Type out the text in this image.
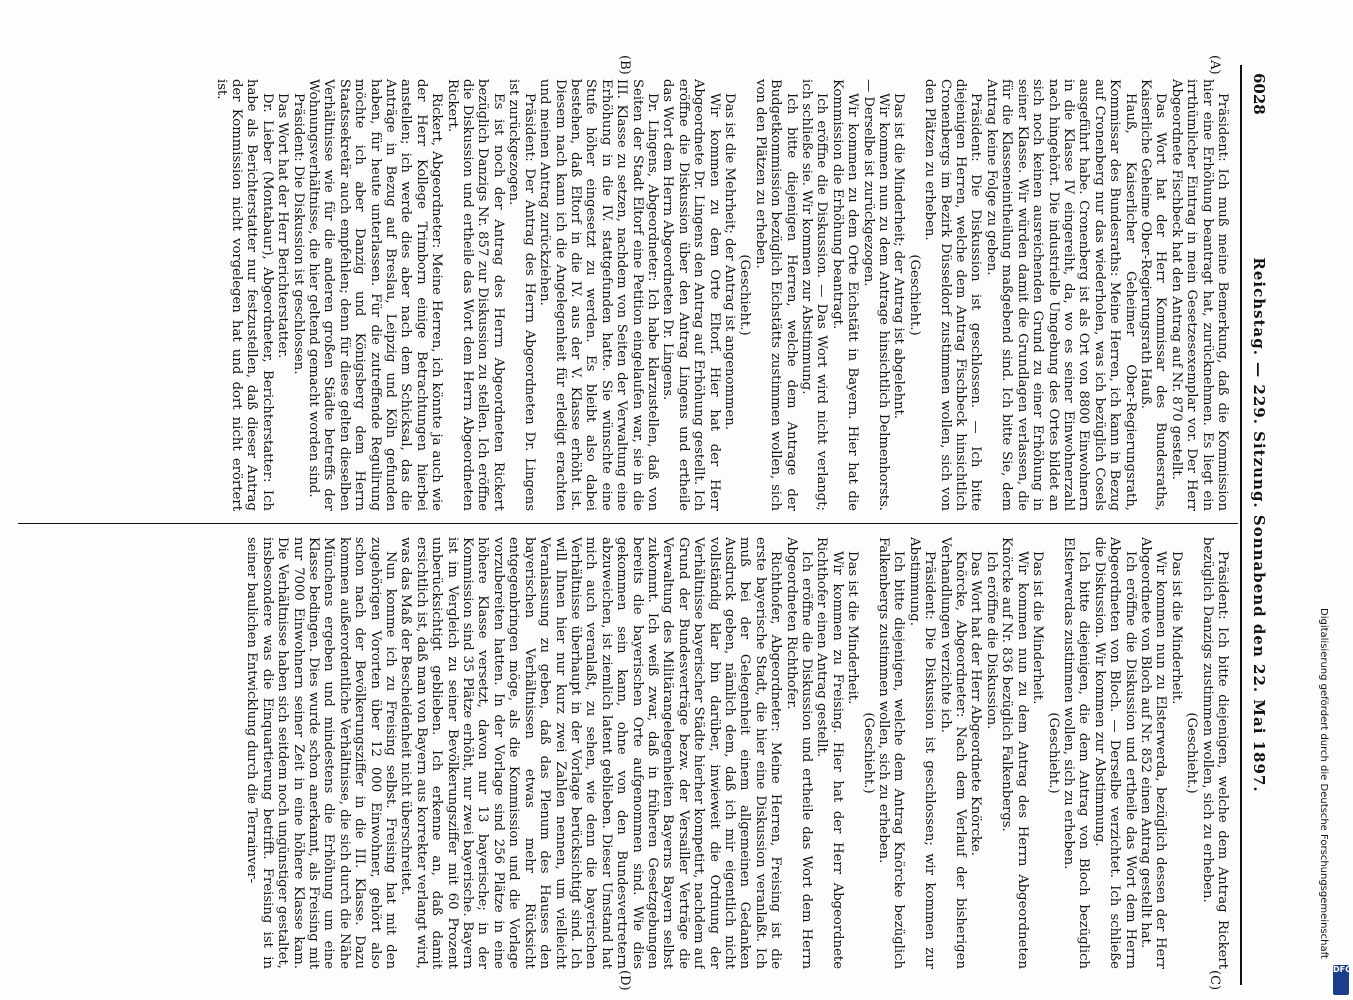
6028
Reichstag. — 229. Sitzung. Sonnabend den 22. Mai 1897.
(A)
(B)
(C)
(D)

Präsident: Ich muß meine Bemerkung, daß die Kommission hier eine Erhöhung beantragt hat, zurücknehmen. Es liegt ein irrthümlicher Eintrag in mein Gesetzesexemplar vor. Der Herr Abgeordnete Fischbeck hat den Antrag auf Nr. 870 gestellt.

Das Wort hat der Herr Kommissar des Bundesraths, Kaiserliche Geheime Ober-Regierungsrath Hauß.

Hauß, Kaiserlicher Geheimer Ober-Regierungsrath, Kommissar des Bundesraths: Meine Herren, ich kann in Bezug auf Cronenberg nur das wiederholen, was ich bezüglich Cosels ausgeführt habe. Cronenberg ist als Ort von 8800 Einwohnern in die Klasse IV eingereiht, da, wo es seiner Einwohnerzahl nach hingehört. Die industrielle Umgebung des Ortes bildet an sich noch keinen ausreichenden Grund zu einer Erhöhung in seiner Klasse. Wir würden damit die Grundlagen verlassen, die für die Klasseneintheilung maßgebend sind. Ich bitte Sie, dem Antrag keine Folge zu geben.

Präsident: Die Diskussion ist geschlossen. — Ich bitte diejenigen Herren, welche dem Antrag Fischbeck hinsichtlich Cronenbergs im Bezirk Düsseldorf zustimmen wollen, sich von den Plätzen zu erheben.

(Geschieht.)

Das ist die Minderheit; der Antrag ist abgelehnt.

Wir kommen nun zu dem Antrage hinsichtlich Delmenhorsts. — Derselbe ist zurückgezogen.

Wir kommen zu dem Orte Eichstätt in Bayern. Hier hat die Kommission die Erhöhung beantragt.

Ich eröffne die Diskussion. — Das Wort wird nicht verlangt; ich schließe sie. Wir kommen zur Abstimmung.

Ich bitte diejenigen Herren, welche dem Antrage der Budgetkommission bezüglich Eichstätts zustimmen wollen, sich von den Plätzen zu erheben.

(Geschieht.)

Das ist die Mehrheit; der Antrag ist angenommen.

Wir kommen zu dem Orte Eltorf. Hier hat der Herr Abgeordnete Dr. Lingens den Antrag auf Erhöhung gestellt. Ich eröffne die Diskussion über den Antrag Lingens und ertheile das Wort dem Herrn Abgeordneten Dr. Lingens.

Dr. Lingens, Abgeordneter: Ich habe klarzustellen, daß von Seiten der Stadt Eltorf eine Petition eingelaufen war, sie in die III. Klasse zu setzen, nachdem von Seiten der Verwaltung eine Erhöhung in die IV. stattgefunden hatte. Sie wünschte eine Stufe höher eingesetzt zu werden. Es bleibt also dabei bestehen, daß Eltorf in die IV. aus der V. Klasse erhöht ist. Diesem nach kann ich die Angelegenheit für erledigt erachten und meinen Antrag zurückziehen.

Präsident: Der Antrag des Herrn Abgeordneten Dr. Lingens ist zurückgezogen.

Es ist noch der Antrag des Herrn Abgeordneten Rickert bezüglich Danzigs Nr. 857 zur Diskussion zu stellen. Ich eröffne die Diskussion und ertheile das Wort dem Herrn Abgeordneten Rickert.

Rickert, Abgeordneter: Meine Herren, ich könnte ja auch wie der Herr Kollege Trimborn einige Betrachtungen hierbei anstellen; ich werde dies aber nach dem Schicksal, das die Anträge in Bezug auf Breslau, Leipzig und Köln gefunden haben, für heute unterlassen. Für die zutreffende Regulirung möchte ich aber Danzig und Königsberg dem Herrn Staatssekretär auch empfehlen; denn für diese gelten dieselben Verhältnisse wie für die anderen großen Städte betreffs der Wohnungsverhältnisse, die hier geltend gemacht worden sind.

Präsident: Die Diskussion ist geschlossen.

Das Wort hat der Herr Berichterstatter.

Dr. Lieber (Montabaur), Abgeordneter, Berichterstatter: Ich habe als Berichterstatter nur festzustellen, daß dieser Antrag der Kommission nicht vorgelegen hat und dort nicht erörtert ist.

Präsident: Ich bitte diejenigen, welche dem Antrag Rickert bezüglich Danzigs zustimmen wollen, sich zu erheben.

(Geschieht.)

Das ist die Minderheit.

Wir kommen nun zu Elsterwerda, bezüglich dessen der Herr Abgeordnete von Bloch auf Nr. 852 einen Antrag gestellt hat.

Ich eröffne die Diskussion und ertheile das Wort dem Herrn Abgeordneten von Bloch. — Derselbe verzichtet. Ich schließe die Diskussion. Wir kommen zur Abstimmung.

Ich bitte diejenigen, die dem Antrag von Bloch bezüglich Elsterwerdas zustimmen wollen, sich zu erheben.

(Geschieht.)

Das ist die Minderheit.

Wir kommen nun zu dem Antrag des Herrn Abgeordneten Knörcke auf Nr. 836 bezüglich Falkenbergs.

Ich eröffne die Diskussion.

Das Wort hat der Herr Abgeordnete Knörcke.

Knörcke, Abgeordneter: Nach dem Verlauf der bisherigen Verhandlungen verzichte ich.

Präsident: Die Diskussion ist geschlossen; wir kommen zur Abstimmung.

Ich bitte diejenigen, welche dem Antrag Knörcke bezüglich Falkenbergs zustimmen wollen, sich zu erheben.

(Geschieht.)

Das ist die Minderheit.

Wir kommen zu Freising. Hier hat der Herr Abgeordnete Richthofer einen Antrag gestellt.

Ich eröffne die Diskussion und ertheile das Wort dem Herrn Abgeordneten Richthofer.

Richthofer, Abgeordneter: Meine Herren, Freising ist die erste bayerische Stadt, die hier eine Diskussion veranlaßt. Ich muß bei der Gelegenheit einem allgemeinen Gedanken Ausdruck geben, nämlich dem, daß ich mir eigentlich nicht vollständig klar bin darüber, inwieweit die Ordnung der Verhältnisse bayerischer Städte hierher kompetirt, nachdem auf Grund der Bundesverträge bezw. der Versailler Verträge die Verwaltung des Militärangelegenheiten Bayerns Bayern selbst zukommt. Ich weiß zwar, daß in früheren Gesetzgebungen bereits die bayerischen Orte aufgenommen sind. Wie dies gekommen sein kann, ohne von den Bundesvertretern abzuweichen, ist ziemlich latent geblieben. Dieser Umstand hat mich auch veranlaßt, zu sehen, wie denn die bayerischen Verhältnisse überhaupt in der Vorlage berücksichtigt sind. Ich will Ihnen hier nur kurz zwei Zahlen nennen, um vielleicht Veranlassung zu geben, daß das Plenum des Hauses den bayerischen Verhältnissen etwas mehr Rücksicht entgegenbringen möge, als die Kommission und die Vorlage vorzubereiten hatten. In der Vorlage sind 256 Plätze in eine höhere Klasse versetzt, davon nur 13 bayerische; in der Kommission sind 35 Plätze erhöht, nur zwei bayerische. Bayern ist im Vergleich zu seiner Bevölkerungsziffer mit 60 Prozent unberücksichtigt geblieben. Ich erkenne an, daß damit ersichtlich ist, daß man von Bayern aus korrekter verlangt wird, was das Maß der Bescheidenheit nicht überschreitet.

Nun komme ich zu Freising selbst. Freising hat mit den zugehörigen Vororten über 12 000 Einwohner, gehört also schon nach der Bevölkerungsziffer in die III. Klasse. Dazu kommen außerordentliche Verhältnisse, die sich durch die Nähe Münchens ergeben und mindestens die Erhöhung um eine Klasse bedingen. Dies wurde schon anerkannt, als Freising mit nur 7000 Einwohnern seiner Zeit in eine höhere Klasse kam. Die Verhältnisse haben sich seitdem noch ungünstiger gestaltet, insbesondere was die Einquartierung betrifft. Freising ist in seiner baulichen Entwicklung durch die Terrainver-	Digitalisierung gefördert durch die Deutsche Forschungsgemeinschaft
DFG
